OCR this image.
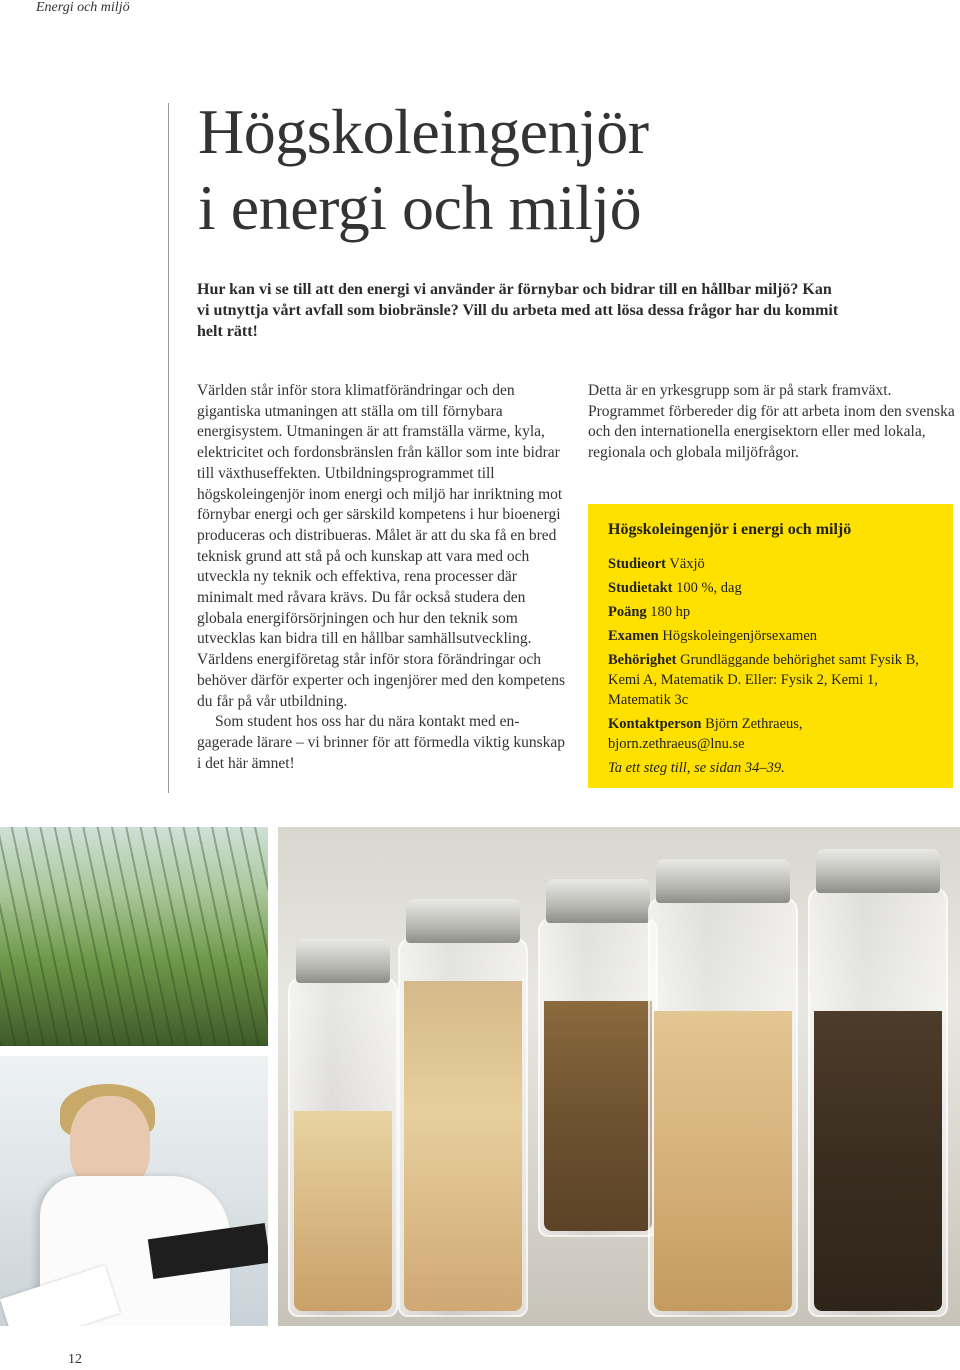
Energi och miljö
Högskoleingenjör
i energi och miljö

Hur kan vi se till att den energi vi använder är förnybar och bidrar till en hållbar miljö? Kan vi utnyttja vårt avfall som biobränsle? Vill du arbeta med att lösa dessa frågor har du kommit helt rätt!

Världen står inför stora klimatförändringar och den gigantiska utmaningen att ställa om till förnybara energisystem. Utmaningen är att framställa värme, kyla, elektricitet och fordonsbränslen från källor som inte bidrar till växthuseffekten. Utbildningsprogrammet till högskoleingenjör inom energi och miljö har inriktning mot förnybar energi och ger särskild kompetens i hur bioenergi produceras och distribueras. Målet är att du ska få en bred teknisk grund att stå på och kunskap att vara med och utveckla ny teknik och effektiva, rena processer där minimalt med råvara krävs. Du får också studera den globala energiförsörjningen och hur den teknik som utvecklas kan bidra till en hållbar samhällsutveckling. Världens energiföretag står inför stora förändringar och behöver därför experter och ingenjörer med den kompetens du får på vår utbildning.

Som student hos oss har du nära kontakt med engagerade lärare – vi brinner för att förmedla viktig kunskap i det här ämnet!

Detta är en yrkesgrupp som är på stark framväxt. Programmet förbereder dig för att arbeta inom den svenska och den internationella energisektorn eller med lokala, regionala och globala miljöfrågor.

Högskoleingenjör i energi och miljö
Studieort Växjö
Studietakt 100 %, dag
Poäng 180 hp
Examen Högskoleingenjörsexamen
Behörighet Grundläggande behörighet samt Fysik B, Kemi A, Matematik D. Eller: Fysik 2, Kemi 1, Matematik 3c
Kontaktperson Björn Zethraeus, bjorn.zethraeus@lnu.se
Ta ett steg till, se sidan 34–39.
12
